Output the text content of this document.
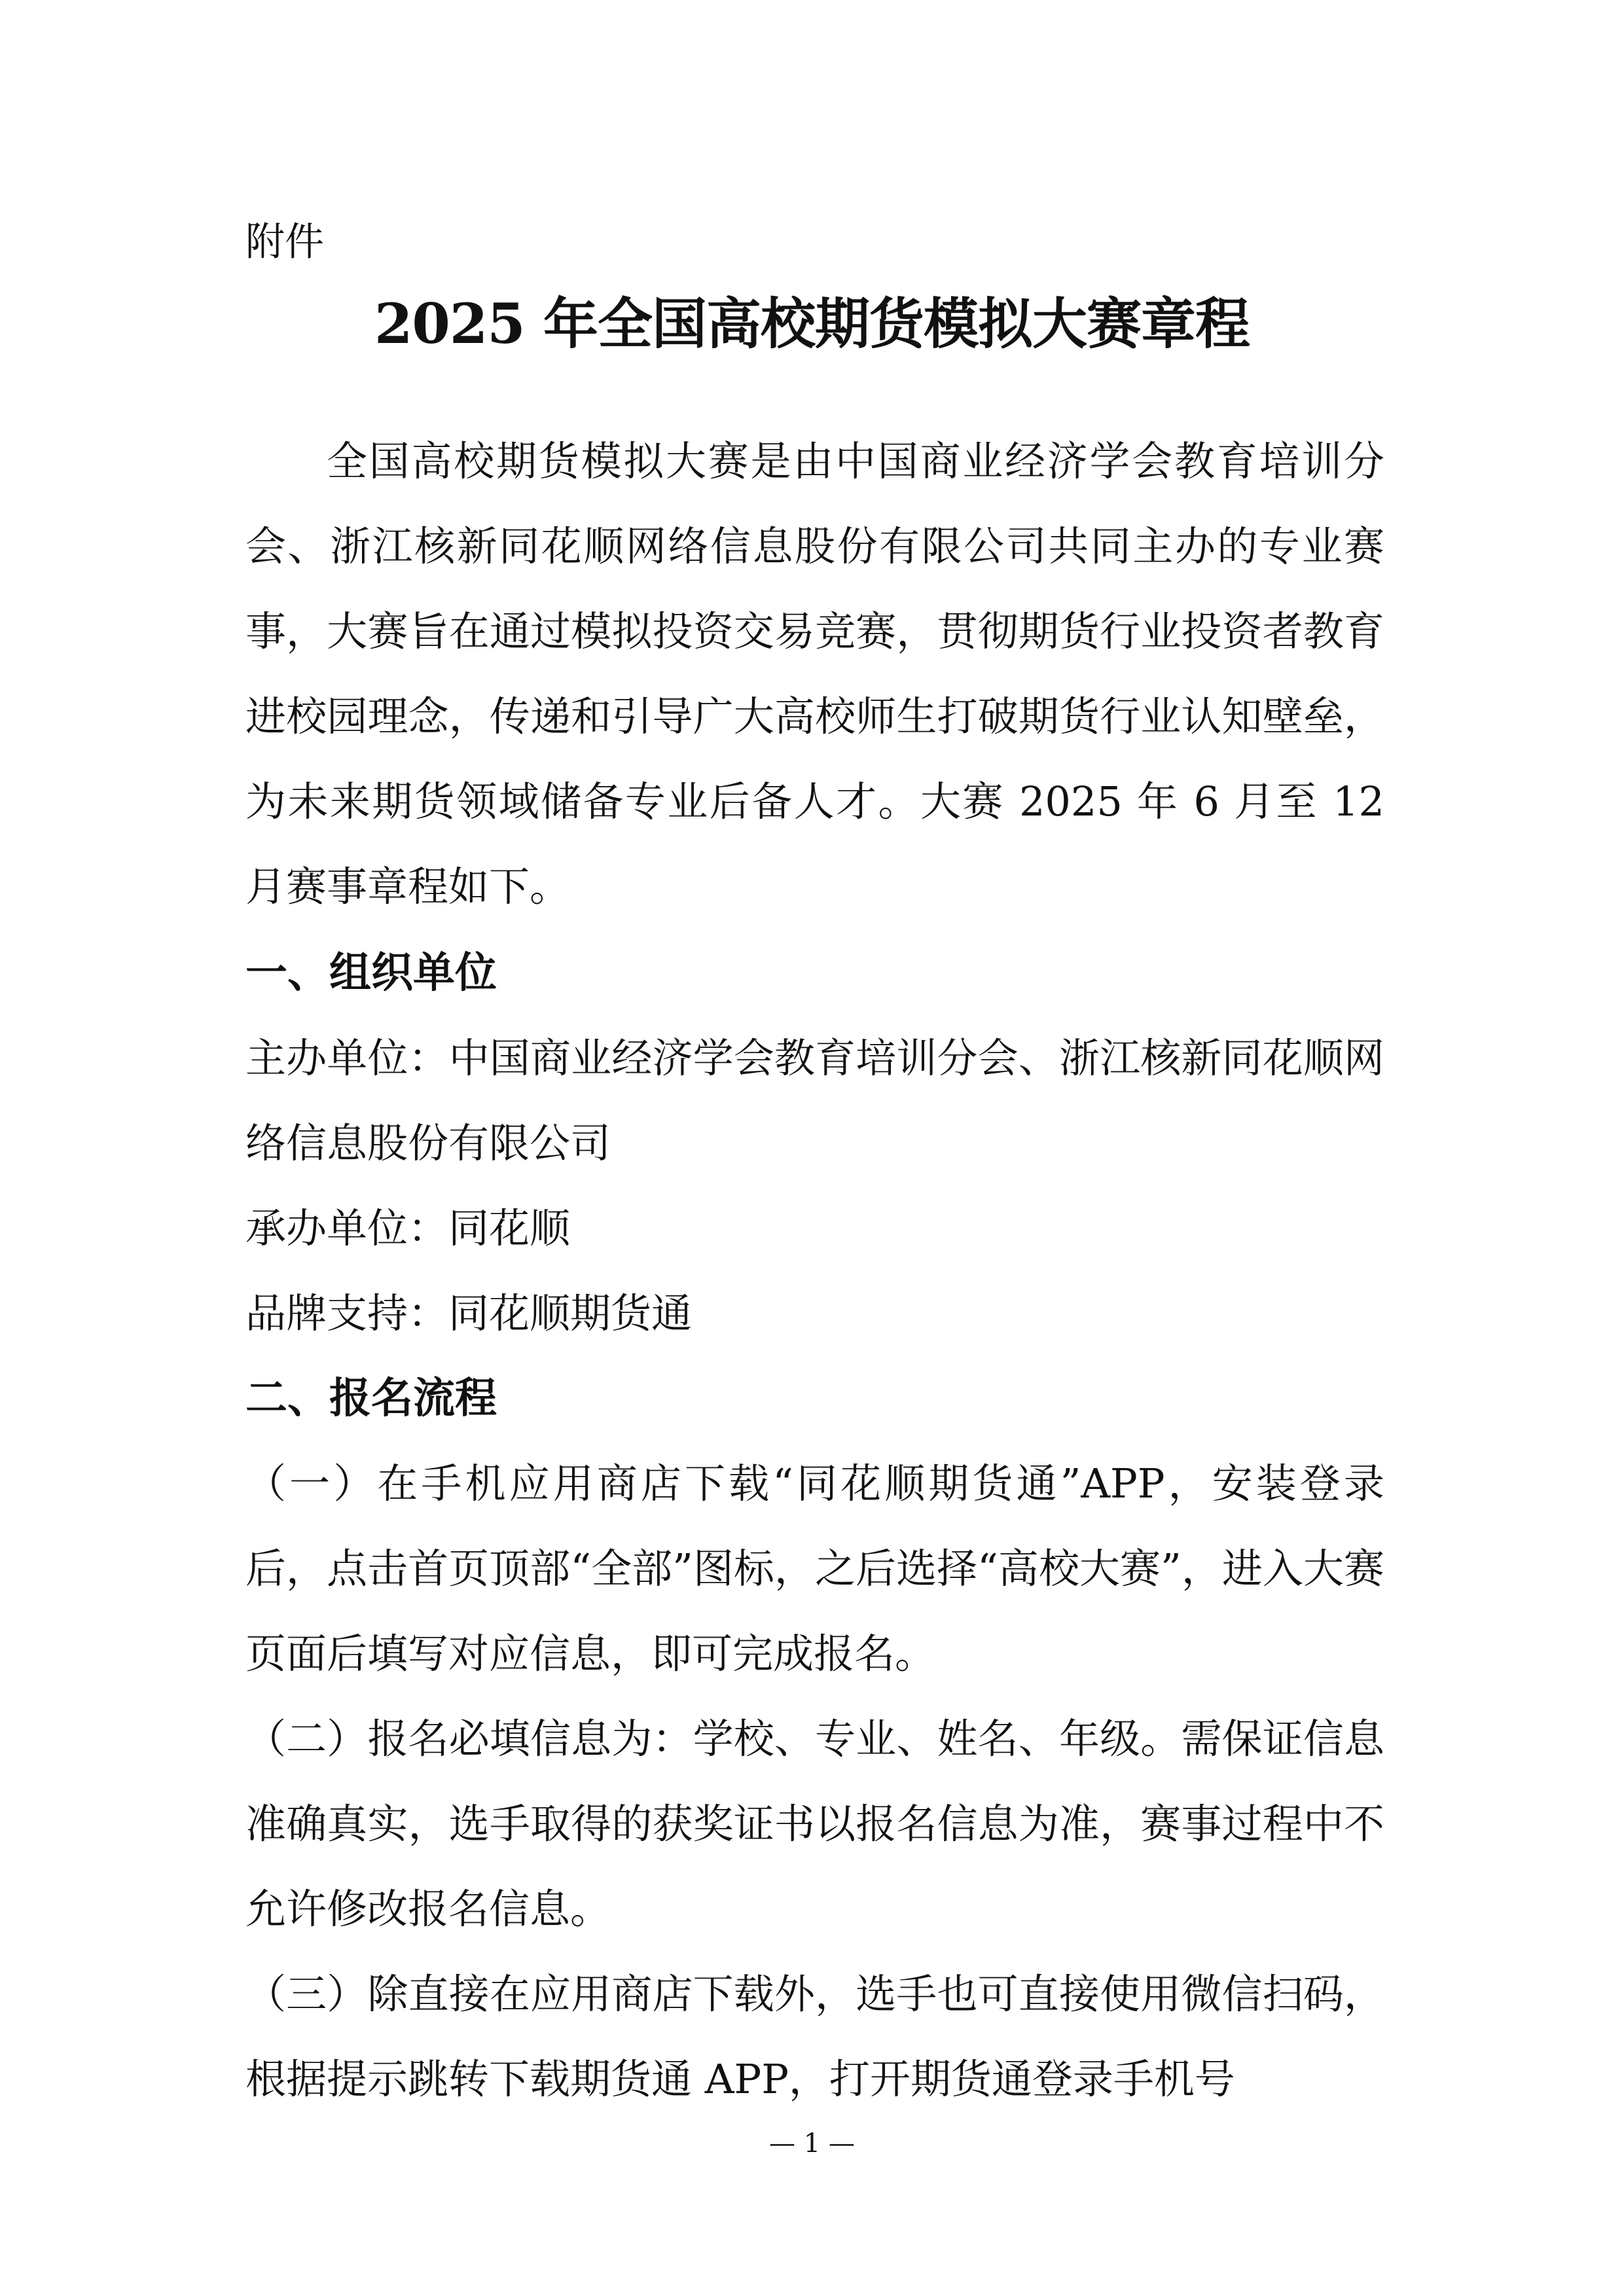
附件
2025 年全国高校期货模拟大赛章程

全国高校期货模拟大赛是由中国商业经济学会教育培训分会、浙江核新同花顺网络信息股份有限公司共同主办的专业赛事，大赛旨在通过模拟投资交易竞赛，贯彻期货行业投资者教育进校园理念，传递和引导广大高校师生打破期货行业认知壁垒，为未来期货领域储备专业后备人才。大赛 2025 年 6 月至 12 月赛事章程如下。

一、组织单位

主办单位：中国商业经济学会教育培训分会、浙江核新同花顺网络信息股份有限公司

承办单位：同花顺

品牌支持：同花顺期货通

二、报名流程

（一）在手机应用商店下载“同花顺期货通”APP，安装登录后，点击首页顶部“全部”图标，之后选择“高校大赛”，进入大赛页面后填写对应信息，即可完成报名。

（二）报名必填信息为：学校、专业、姓名、年级。需保证信息准确真实，选手取得的获奖证书以报名信息为准，赛事过程中不允许修改报名信息。

（三）除直接在应用商店下载外，选手也可直接使用微信扫码，根据提示跳转下载期货通 APP，打开期货通登录手机号

— 1 —
